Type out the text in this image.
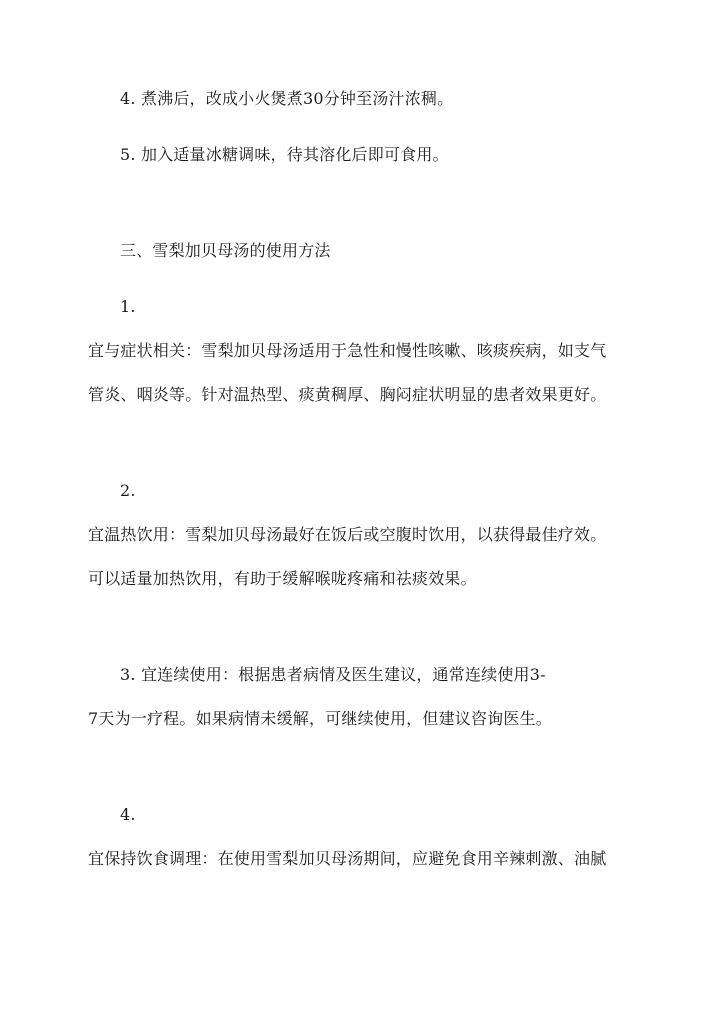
4. 煮沸后，改成小火煲煮30分钟至汤汁浓稠。
5. 加入适量冰糖调味，待其溶化后即可食用。
三、雪梨加贝母汤的使用方法
1.
宜与症状相关：雪梨加贝母汤适用于急性和慢性咳嗽、咳痰疾病，如支气
管炎、咽炎等。针对温热型、痰黄稠厚、胸闷症状明显的患者效果更好。
2.
宜温热饮用：雪梨加贝母汤最好在饭后或空腹时饮用，以获得最佳疗效。
可以适量加热饮用，有助于缓解喉咙疼痛和祛痰效果。
3. 宜连续使用：根据患者病情及医生建议，通常连续使用3-
7天为一疗程。如果病情未缓解，可继续使用，但建议咨询医生。
4.
宜保持饮食调理：在使用雪梨加贝母汤期间，应避免食用辛辣刺激、油腻
